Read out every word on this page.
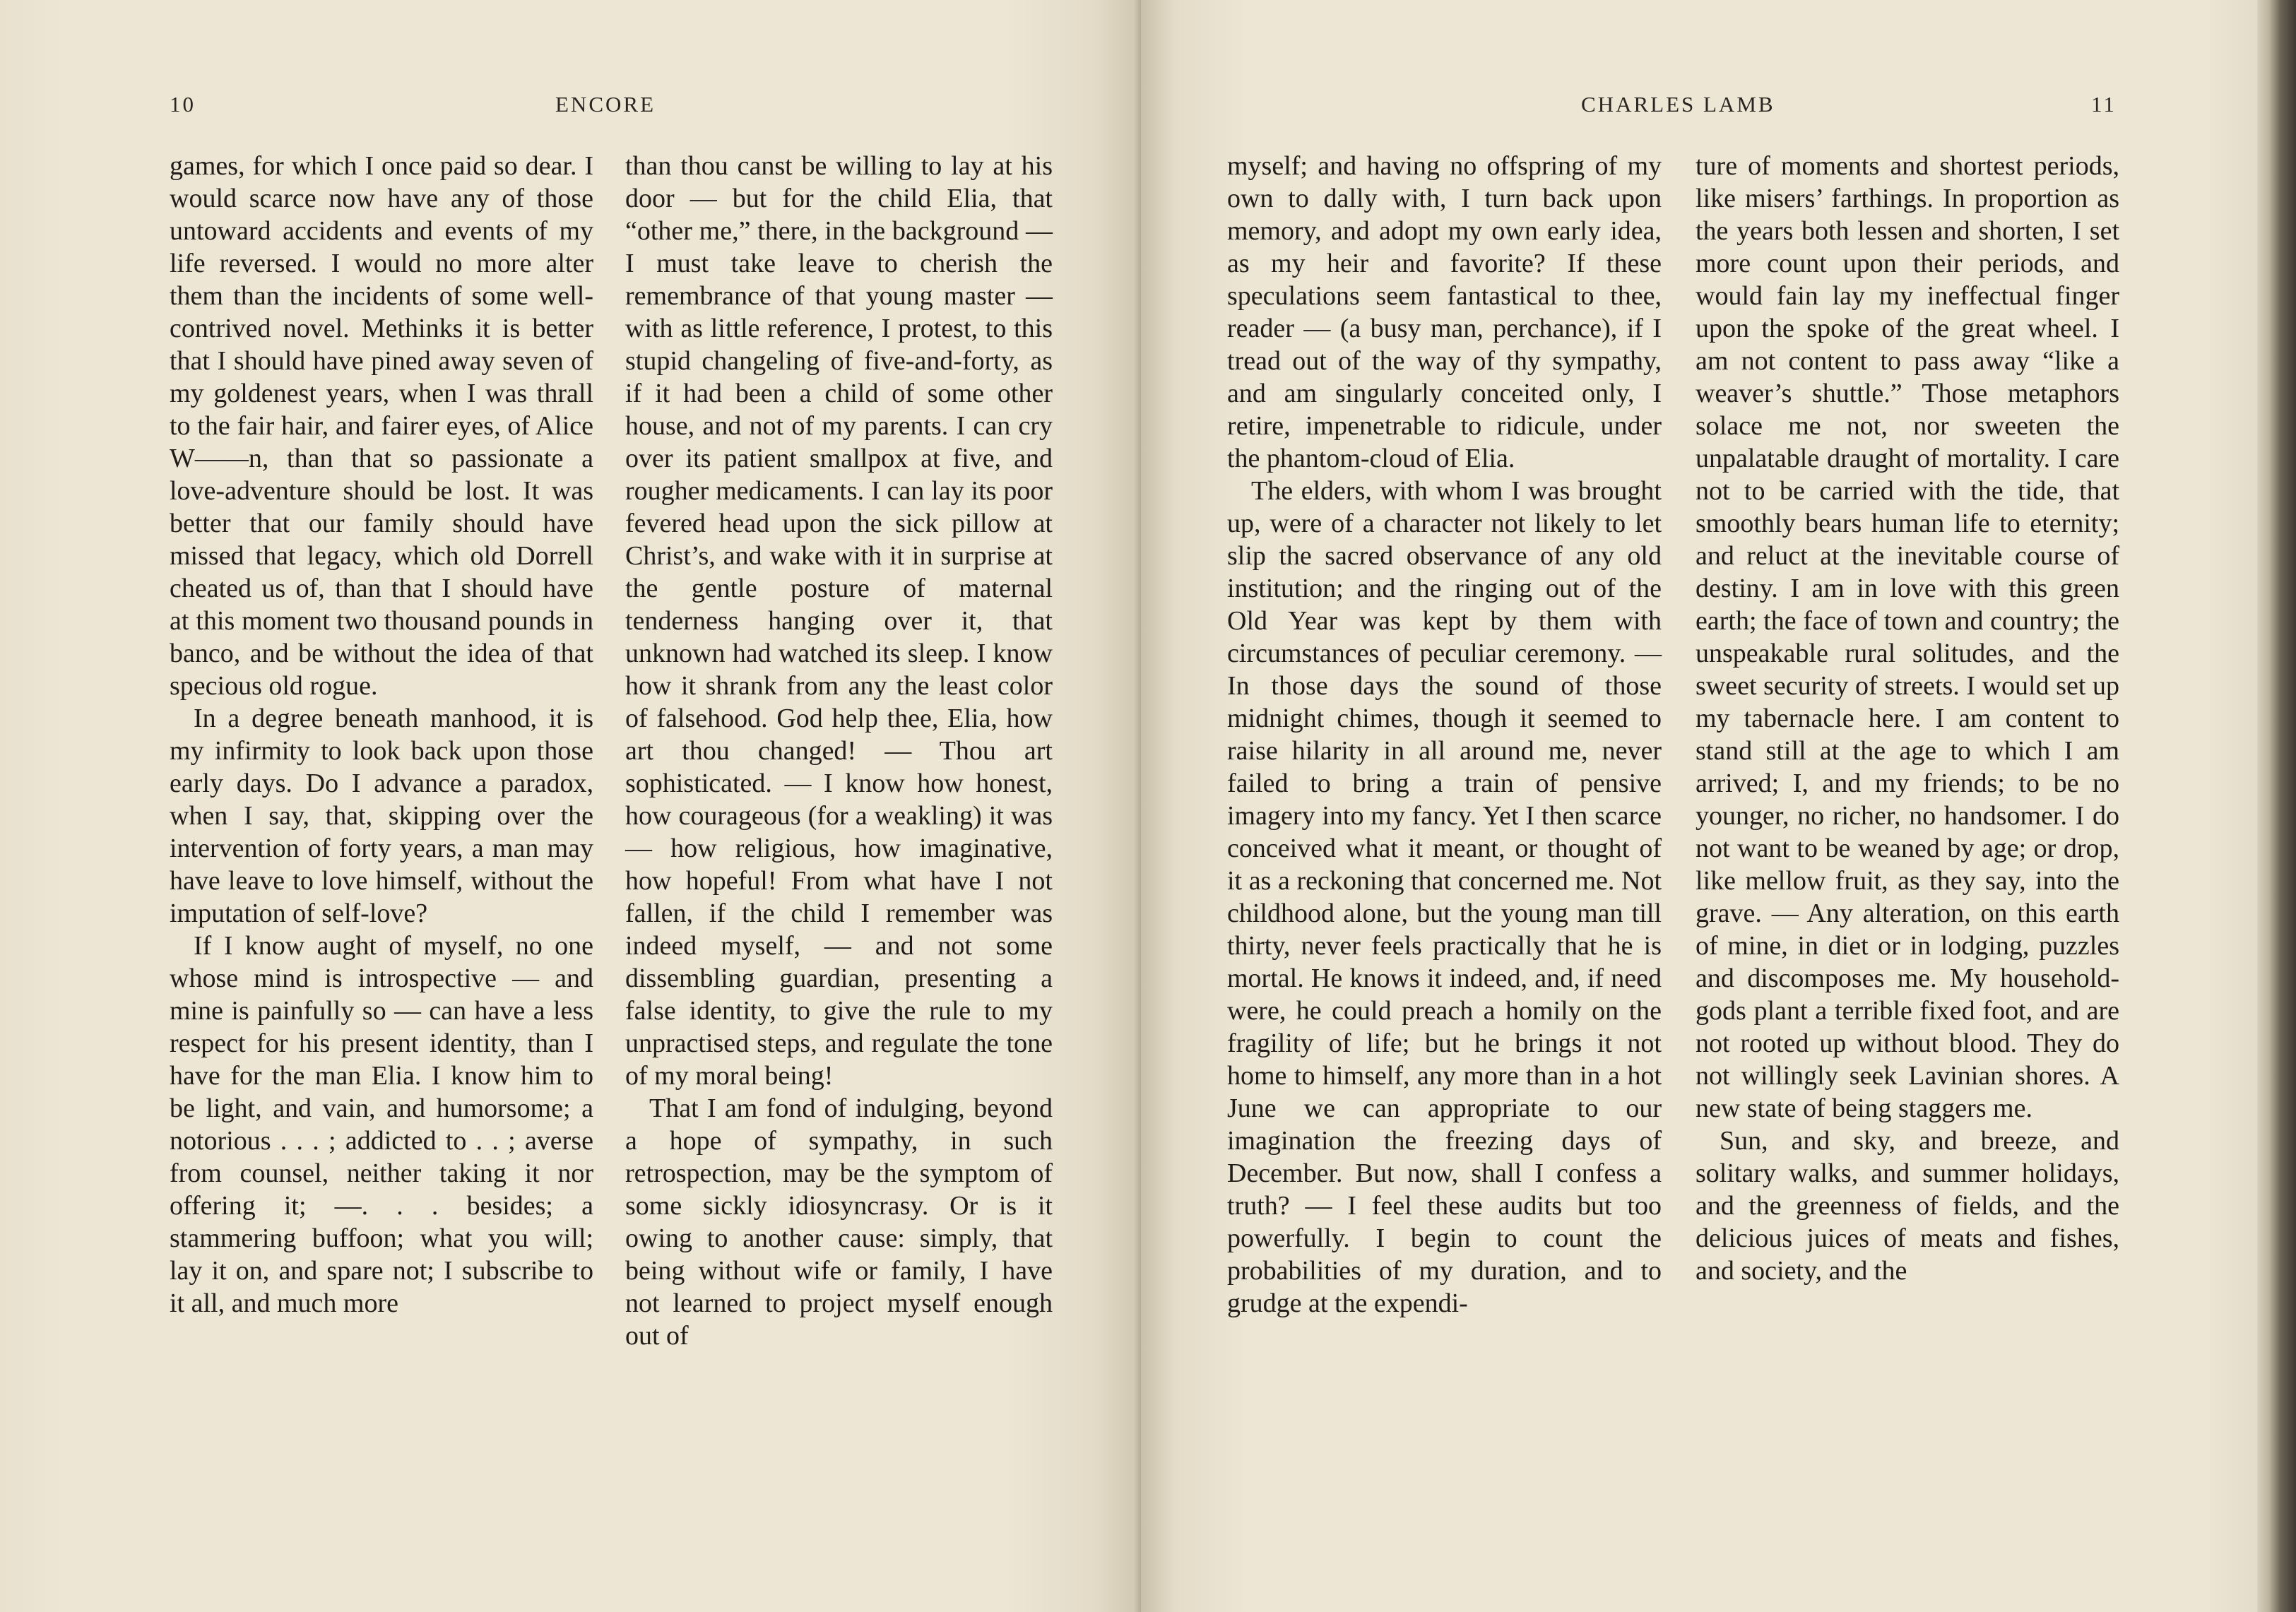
10	ENCORE

games, for which I once paid so dear. I would scarce now have any of those untoward accidents and events of my life reversed. I would no more alter them than the incidents of some well-contrived novel. Methinks it is better that I should have pined away seven of my goldenest years, when I was thrall to the fair hair, and fairer eyes, of Alice W——n, than that so passionate a love-adventure should be lost. It was better that our family should have missed that legacy, which old Dorrell cheated us of, than that I should have at this moment two thousand pounds in banco, and be without the idea of that specious old rogue.

In a degree beneath manhood, it is my infirmity to look back upon those early days. Do I advance a paradox, when I say, that, skipping over the intervention of forty years, a man may have leave to love himself, without the imputation of self-love?

If I know aught of myself, no one whose mind is introspective — and mine is painfully so — can have a less respect for his present identity, than I have for the man Elia. I know him to be light, and vain, and humorsome; a notorious . . . ; addicted to . . ; averse from counsel, neither taking it nor offering it; —. . . besides; a stammering buffoon; what you will; lay it on, and spare not; I subscribe to it all, and much more

than thou canst be willing to lay at his door — but for the child Elia, that “other me,” there, in the background — I must take leave to cherish the remembrance of that young master — with as little reference, I protest, to this stupid changeling of five-and-forty, as if it had been a child of some other house, and not of my parents. I can cry over its patient smallpox at five, and rougher medicaments. I can lay its poor fevered head upon the sick pillow at Christ’s, and wake with it in surprise at the gentle posture of maternal tenderness hanging over it, that unknown had watched its sleep. I know how it shrank from any the least color of falsehood. God help thee, Elia, how art thou changed! — Thou art sophisticated. — I know how honest, how courageous (for a weakling) it was — how religious, how imaginative, how hopeful! From what have I not fallen, if the child I remember was indeed myself, — and not some dissembling guardian, presenting a false identity, to give the rule to my unpractised steps, and regulate the tone of my moral being!

That I am fond of indulging, beyond a hope of sympathy, in such retrospection, may be the symptom of some sickly idiosyncrasy. Or is it owing to another cause: simply, that being without wife or family, I have not learned to project myself enough out of

CHARLES LAMB	11

myself; and having no offspring of my own to dally with, I turn back upon memory, and adopt my own early idea, as my heir and favorite? If these speculations seem fantastical to thee, reader — (a busy man, perchance), if I tread out of the way of thy sympathy, and am singularly conceited only, I retire, impenetrable to ridicule, under the phantom-cloud of Elia.

The elders, with whom I was brought up, were of a character not likely to let slip the sacred observance of any old institution; and the ringing out of the Old Year was kept by them with circumstances of peculiar ceremony. — In those days the sound of those midnight chimes, though it seemed to raise hilarity in all around me, never failed to bring a train of pensive imagery into my fancy. Yet I then scarce conceived what it meant, or thought of it as a reckoning that concerned me. Not childhood alone, but the young man till thirty, never feels practically that he is mortal. He knows it indeed, and, if need were, he could preach a homily on the fragility of life; but he brings it not home to himself, any more than in a hot June we can appropriate to our imagination the freezing days of December. But now, shall I confess a truth? — I feel these audits but too powerfully. I begin to count the probabilities of my duration, and to grudge at the expendi-

ture of moments and shortest periods, like misers’ farthings. In proportion as the years both lessen and shorten, I set more count upon their periods, and would fain lay my ineffectual finger upon the spoke of the great wheel. I am not content to pass away “like a weaver’s shuttle.” Those metaphors solace me not, nor sweeten the unpalatable draught of mortality. I care not to be carried with the tide, that smoothly bears human life to eternity; and reluct at the inevitable course of destiny. I am in love with this green earth; the face of town and country; the unspeakable rural solitudes, and the sweet security of streets. I would set up my tabernacle here. I am content to stand still at the age to which I am arrived; I, and my friends; to be no younger, no richer, no handsomer. I do not want to be weaned by age; or drop, like mellow fruit, as they say, into the grave. — Any alteration, on this earth of mine, in diet or in lodging, puzzles and discomposes me. My household-gods plant a terrible fixed foot, and are not rooted up without blood. They do not willingly seek Lavinian shores. A new state of being staggers me.

Sun, and sky, and breeze, and solitary walks, and summer holidays, and the greenness of fields, and the delicious juices of meats and fishes, and society, and the
